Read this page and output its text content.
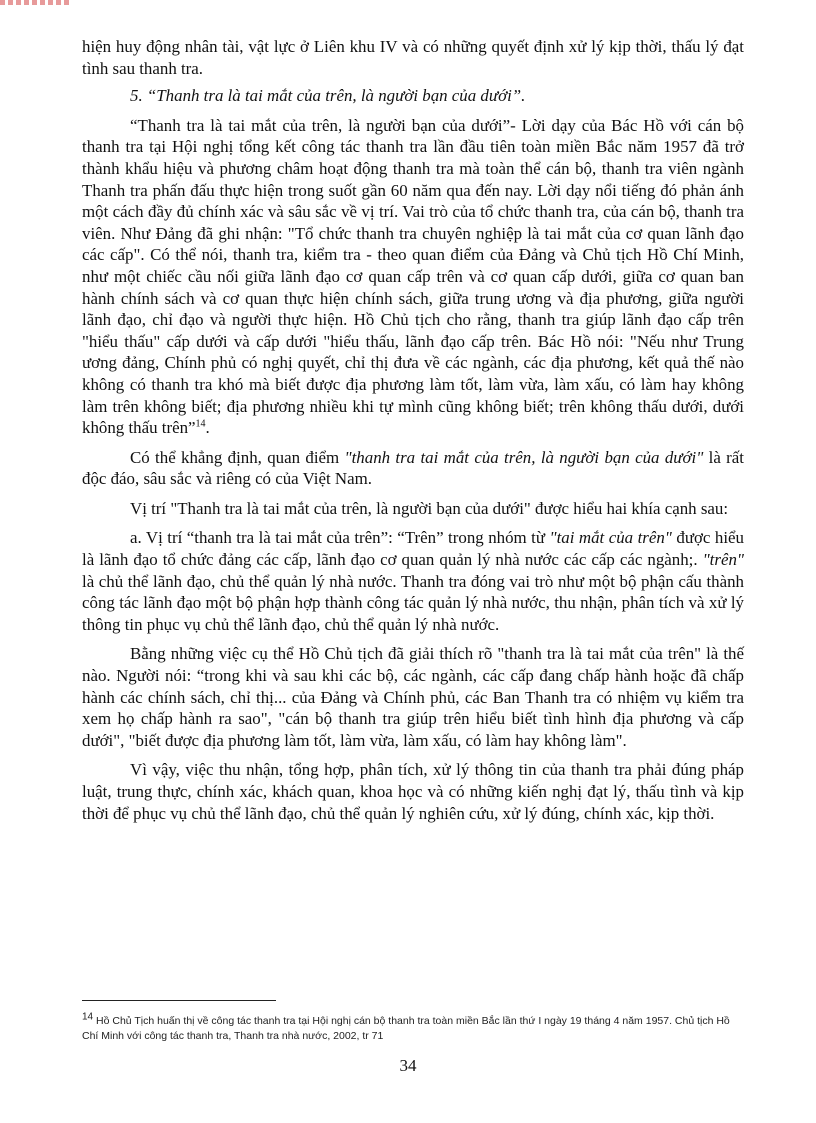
hiện huy động nhân tài, vật lực ở Liên khu IV và có những quyết định xử lý kịp thời, thấu lý đạt tình sau thanh tra.

5. “Thanh tra là tai mắt của trên, là người bạn của dưới”.

“Thanh tra là tai mắt của trên, là người bạn của dưới”- Lời dạy của Bác Hồ với cán bộ thanh tra tại Hội nghị tổng kết công tác thanh tra lần đầu tiên toàn miền Bắc năm 1957 đã trở thành khẩu hiệu và phương châm hoạt động thanh tra mà toàn thể cán bộ, thanh tra viên ngành Thanh tra phấn đấu thực hiện trong suốt gần 60 năm qua đến nay. Lời dạy nổi tiếng đó phản ánh một cách đầy đủ chính xác và sâu sắc về vị trí. Vai trò của tổ chức thanh tra, của cán bộ, thanh tra viên. Như Đảng đã ghi nhận: "Tổ chức thanh tra chuyên nghiệp là tai mắt của cơ quan lãnh đạo các cấp". Có thể nói, thanh tra, kiểm tra - theo quan điểm của Đảng và Chủ tịch Hồ Chí Minh, như một chiếc cầu nối giữa lãnh đạo cơ quan cấp trên và cơ quan cấp dưới, giữa cơ quan ban hành chính sách và cơ quan thực hiện chính sách, giữa trung ương và địa phương, giữa người lãnh đạo, chỉ đạo và người thực hiện. Hồ Chủ tịch cho rằng, thanh tra giúp lãnh đạo cấp trên "hiểu thấu" cấp dưới và cấp dưới "hiểu thấu, lãnh đạo cấp trên. Bác Hồ nói: "Nếu như Trung ương đảng, Chính phủ có nghị quyết, chỉ thị đưa về các ngành, các địa phương, kết quả thế nào không có thanh tra khó mà biết được địa phương làm tốt, làm vừa, làm xấu, có làm hay không làm trên không biết; địa phương nhiều khi tự mình cũng không biết; trên không thấu dưới, dưới không thấu trên”$^{14}$.

Có thể khẳng định, quan điểm "thanh tra tai mắt của trên, là người bạn của dưới" là rất độc đáo, sâu sắc và riêng có của Việt Nam.

Vị trí "Thanh tra là tai mắt của trên, là người bạn của dưới" được hiểu hai khía cạnh sau:

a. Vị trí “thanh tra là tai mắt của trên”: “Trên” trong nhóm từ "tai mắt của trên" được hiểu là lãnh đạo tổ chức đảng các cấp, lãnh đạo cơ quan quản lý nhà nước các cấp các ngành;. "trên" là chủ thể lãnh đạo, chủ thể quản lý nhà nước. Thanh tra đóng vai trò như một bộ phận cấu thành công tác lãnh đạo một bộ phận hợp thành công tác quản lý nhà nước, thu nhận, phân tích và xử lý thông tin phục vụ chủ thể lãnh đạo, chủ thể quản lý nhà nước.

Bằng những việc cụ thể Hồ Chủ tịch đã giải thích rõ "thanh tra là tai mắt của trên" là thế nào. Người nói: “trong khi và sau khi các bộ, các ngành, các cấp đang chấp hành hoặc đã chấp hành các chính sách, chỉ thị... của Đảng và Chính phủ, các Ban Thanh tra có nhiệm vụ kiểm tra xem họ chấp hành ra sao", "cán bộ thanh tra giúp trên hiểu biết tình hình địa phương và cấp dưới", "biết được địa phương làm tốt, làm vừa, làm xấu, có làm hay không làm".

Vì vậy, việc thu nhận, tổng hợp, phân tích, xử lý thông tin của thanh tra phải đúng pháp luật, trung thực, chính xác, khách quan, khoa học và có những kiến nghị đạt lý, thấu tình và kịp thời để phục vụ chủ thể lãnh đạo, chủ thể quản lý nghiên cứu, xử lý đúng, chính xác, kịp thời.

$^{14}$ Hồ Chủ Tịch huấn thị về công tác thanh tra tại Hội nghị cán bộ thanh tra toàn miền Bắc lần thứ I ngày 19 tháng 4 năm 1957. Chủ tịch Hồ Chí Minh với công tác thanh tra, Thanh tra nhà nước, 2002, tr 71
34
